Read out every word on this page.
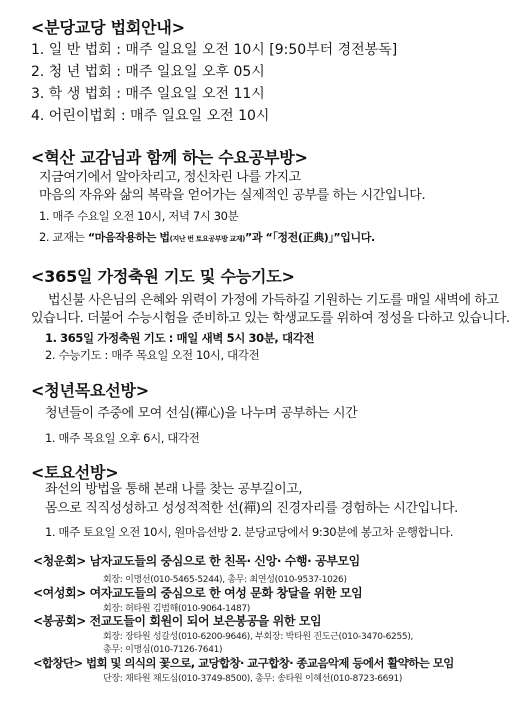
<분당교당 법회안내>
1. 일 반 법회 : 매주 일요일 오전 10시 [9:50부터 경전봉독]
2. 청 년 법회 : 매주 일요일 오후 05시
3. 학 생 법회 : 매주 일요일 오전 11시
4. 어린이법회 : 매주 일요일 오전 10시
<혁산 교감님과 함께 하는 수요공부방>
지금여기에서 알아차리고, 정신차린 나를 가지고
마음의 자유와 삶의 복락을 얻어가는 실제적인 공부를 하는 시간입니다.
1. 매주 수요일 오전 10시, 저녁 7시 30분
2. 교재는 “마음작용하는 법(지난 번 토요공부방 교재)”과 “「정전(正典)」”입니다.
<365일 가정축원 기도 및 수능기도>
법신불 사은님의 은혜와 위력이 가정에 가득하길 기원하는 기도를 매일 새벽에 하고
있습니다. 더불어 수능시험을 준비하고 있는 학생교도를 위하여 정성을 다하고 있습니다.
1. 365일 가정축원 기도 : 매일 새벽 5시 30분, 대각전
2. 수능기도 : 매주 목요일 오전 10시, 대각전
<청년목요선방>
청년들이 주중에 모여 선심(禪心)을 나누며 공부하는 시간
1. 매주 목요일 오후 6시, 대각전
<토요선방>
좌선의 방법을 통해 본래 나를 찾는 공부길이고,
몸으로 직직성성하고 성성적적한 선(禪)의 진경자리를 경험하는 시간입니다.
1. 매주 토요일 오전 10시, 원마음선방 2. 분당교당에서 9:30분에 봉고차 운행합니다.
<청운회> 남자교도들의 중심으로 한 친목· 신앙· 수행· 공부모임
회장: 이명선(010-5465-5244), 총무: 최연성(010-9537-1026)
<여성회> 여자교도들의 중심으로 한 여성 문화 창달을 위한 모임
회장: 허타원 김범해(010-9064-1487)
<봉공회> 전교도들이 회원이 되어 보은봉공을 위한 모임
회장: 장타원 성갈성(010-6200-9646), 부회장: 박타원 진도근(010-3470-6255),
총무: 이명심(010-7126-7641)
<합창단> 법회 및 의식의 꽃으로, 교당합창· 교구합창· 종교음악제 등에서 활약하는 모임
단장: 채타원 채도심(010-3749-8500), 총무: 송타원 이혜선(010-8723-6691)
